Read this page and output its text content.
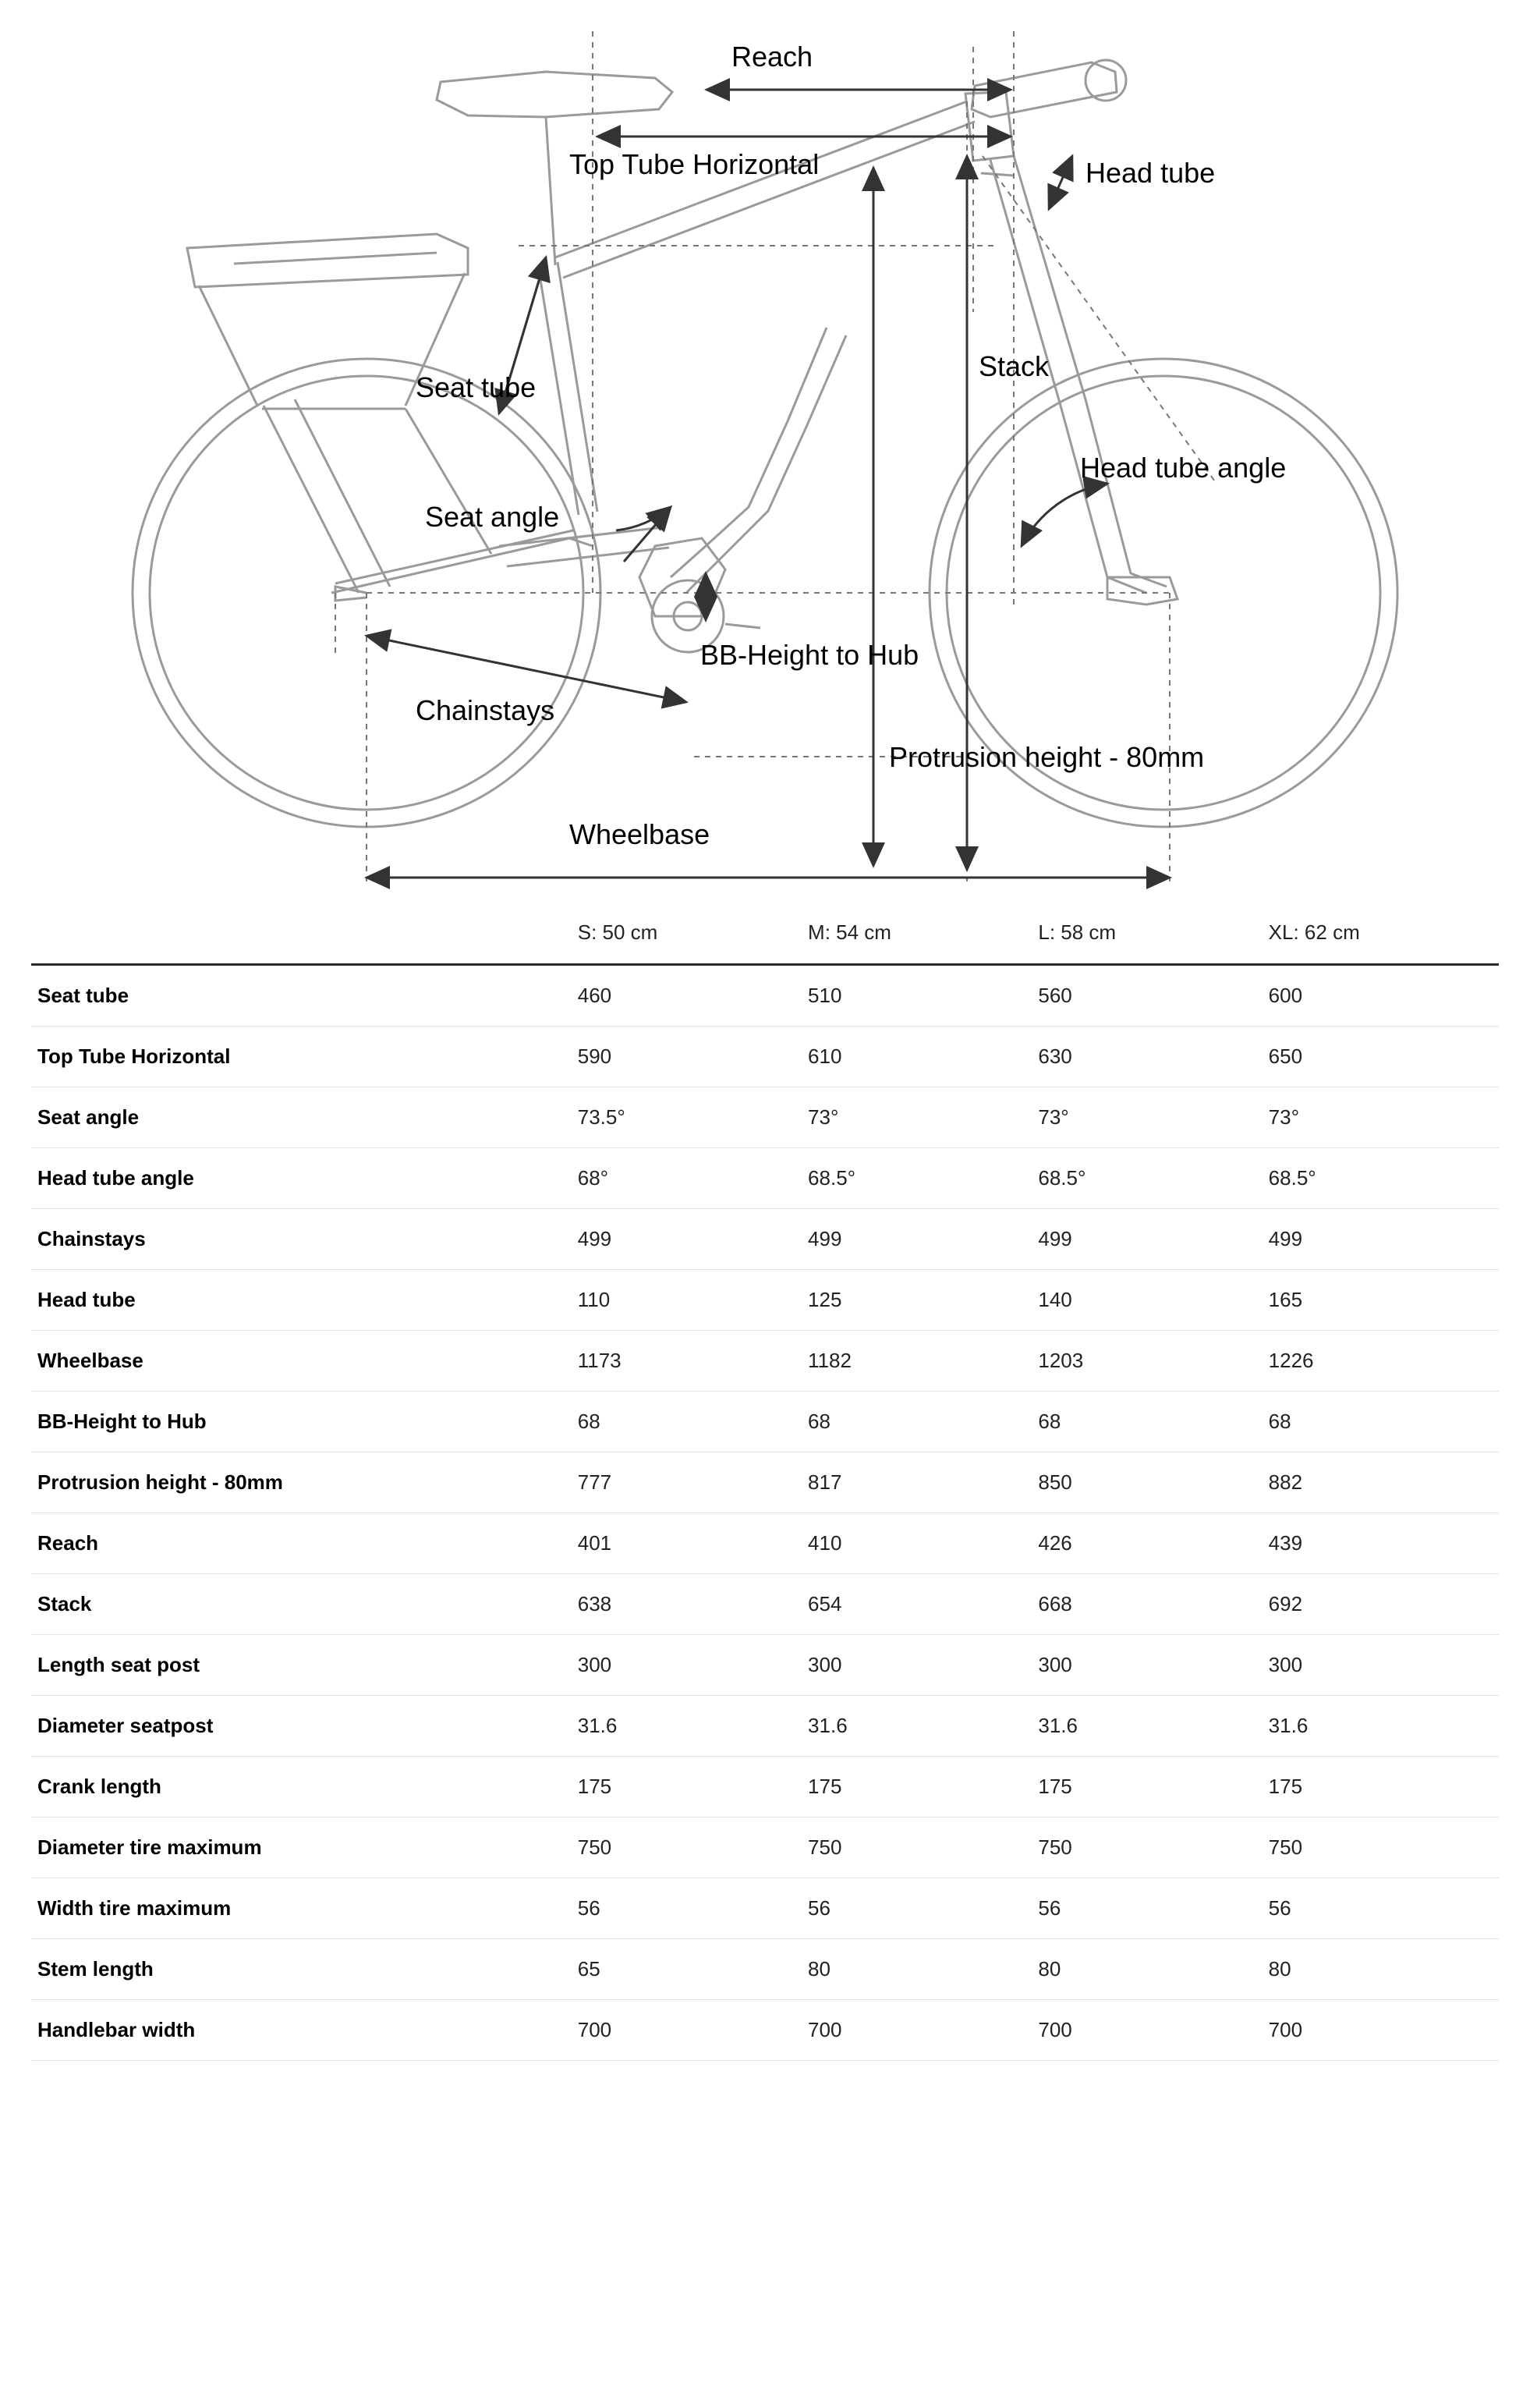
Reach
Top Tube Horizontal	Head tube
Seat tube
Stack
Head tube angle
Seat angle
BB-Height to Hub
Chainstays
Protrusion height - 80mm
Wheelbase
	S: 50 cm	M: 54 cm	L: 58 cm	XL: 62 cm
Seat tube	460	510	560	600
Top Tube Horizontal	590	610	630	650
Seat angle	73.5°	73°	73°	73°
Head tube angle	68°	68.5°	68.5°	68.5°
Chainstays	499	499	499	499
Head tube	110	125	140	165
Wheelbase	1173	1182	1203	1226
BB-Height to Hub	68	68	68	68
Protrusion height - 80mm	777	817	850	882
Reach	401	410	426	439
Stack	638	654	668	692
Length seat post	300	300	300	300
Diameter seatpost	31.6	31.6	31.6	31.6
Crank length	175	175	175	175
Diameter tire maximum	750	750	750	750
Width tire maximum	56	56	56	56
Stem length	65	80	80	80
Handlebar width	700	700	700	700
